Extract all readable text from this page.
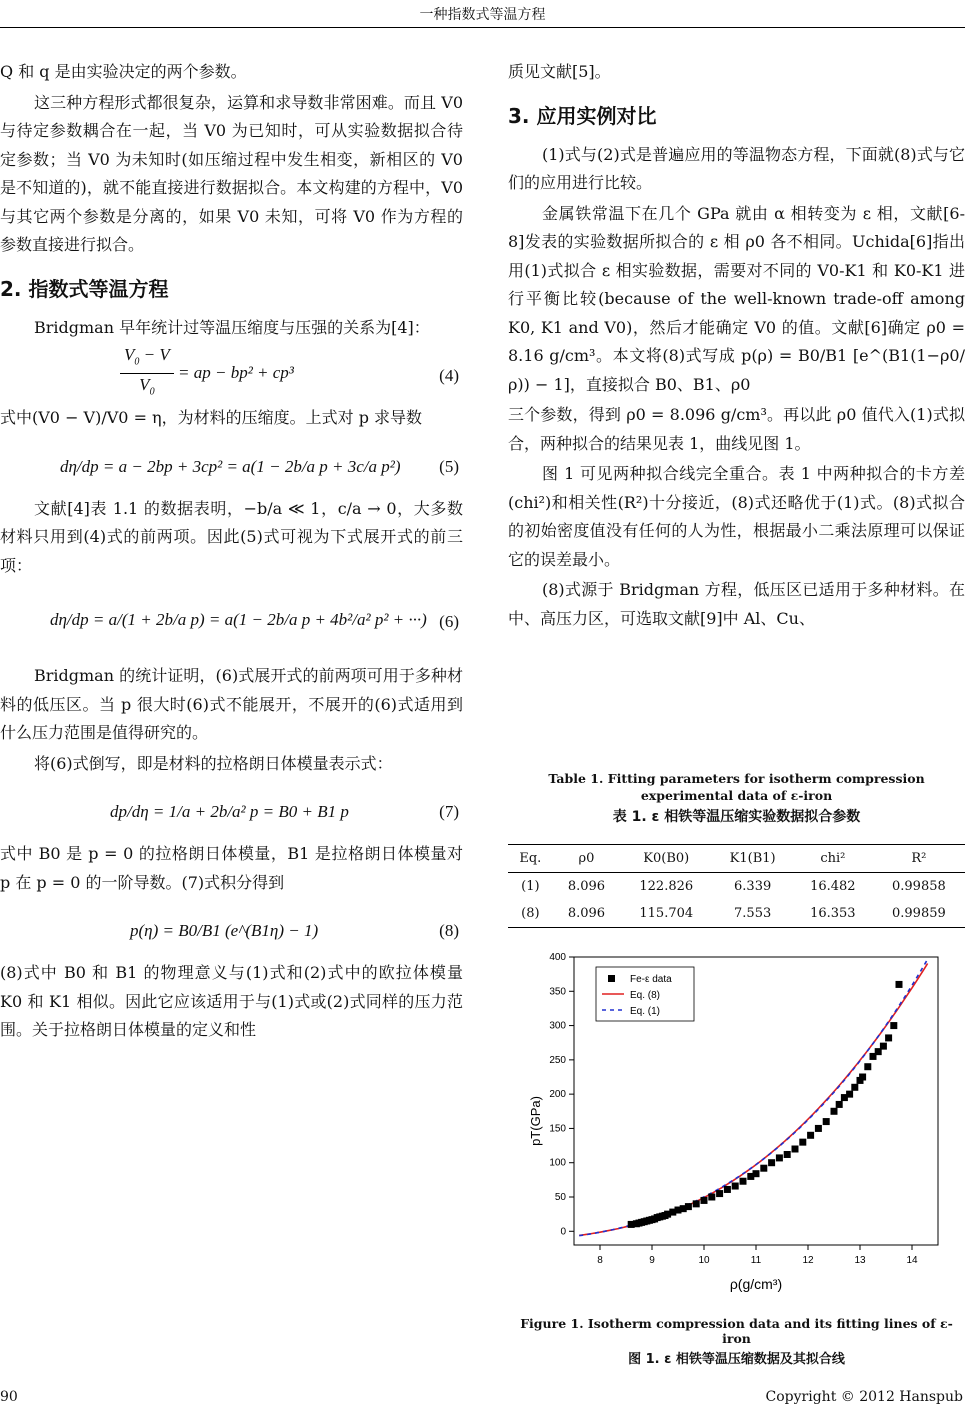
一种指数式等温方程

Q 和 q 是由实验决定的两个参数。

这三种方程形式都很复杂，运算和求导数非常困难。而且 V0 与待定参数耦合在一起，当 V0 为已知时，可从实验数据拟合待定参数；当 V0 为未知时(如压缩过程中发生相变，新相区的 V0 是不知道的)，就不能直接进行数据拟合。本文构建的方程中，V0 与其它两个参数是分离的，如果 V0 未知，可将 V0 作为方程的参数直接进行拟合。

2. 指数式等温方程

Bridgman 早年统计过等温压缩度与压强的关系为[4]：

$\frac{V_0 - V}{V_0}$ = ap − bp² + cp³	(4)

式中(V0 − V)/V0 = η，为材料的压缩度。上式对 p 求导数

dη/dp = a − 2bp + 3cp² = a(1 − 2b/a p + 3c/a p²) (5)

文献[4]表 1.1 的数据表明，−b/a ≪ 1，c/a → 0，大多数材料只用到(4)式的前两项。因此(5)式可视为下式展开式的前三项：

dη/dp = a/(1 + 2b/a p) = a(1 − 2b/a p + 4b²/a² p² + ···) (6)

Bridgman 的统计证明，(6)式展开式的前两项可用于多种材料的低压区。当 p 很大时(6)式不能展开，不展开的(6)式适用到什么压力范围是值得研究的。

将(6)式倒写，即是材料的拉格朗日体模量表示式：

dp/dη = 1/a + 2b/a² p = B0 + B1 p	(7)

式中 B0 是 p = 0 的拉格朗日体模量，B1 是拉格朗日体模量对 p 在 p = 0 的一阶导数。(7)式积分得到

p(η) = B0/B1 (e^(B1η) − 1)	(8)

(8)式中 B0 和 B1 的物理意义与(1)式和(2)式中的欧拉体模量 K0 和 K1 相似。因此它应该适用于与(1)式或(2)式同样的压力范围。关于拉格朗日体模量的定义和性

质见文献[5]。

3. 应用实例对比

(1)式与(2)式是普遍应用的等温物态方程，下面就(8)式与它们的应用进行比较。

金属铁常温下在几个 GPa 就由 α 相转变为 ε 相，文献[6-8]发表的实验数据所拟合的 ε 相 ρ0 各不相同。Uchida[6]指出用(1)式拟合 ε 相实验数据，需要对不同的 V0-K1 和 K0-K1 进行平衡比较(because of the well-known trade-off among K0, K1 and V0)，然后才能确定 V0 的值。文献[6]确定 ρ0 = 8.16 g/cm³。本文将(8)式写成 p(ρ) = B0/B1 [e^(B1(1−ρ0/ρ)) − 1]，直接拟合 B0、B1、ρ0

三个参数，得到 ρ0 = 8.096 g/cm³。再以此 ρ0 值代入(1)式拟合，两种拟合的结果见表 1，曲线见图 1。

图 1 可见两种拟合线完全重合。表 1 中两种拟合的卡方差(chi²)和相关性(R²)十分接近，(8)式还略优于(1)式。(8)式拟合的初始密度值没有任何的人为性，根据最小二乘法原理可以保证它的误差最小。

(8)式源于 Bridgman 方程，低压区已适用于多种材料。在中、高压力区，可选取文献[9]中 Al、Cu、

Table 1. Fitting parameters for isotherm compression experimental data of ε-iron
表 1. ε 相铁等温压缩实验数据拟合参数
Eq.	ρ0	K0(B0)	K1(B1)	chi²	R²
(1)	8.096	122.826	6.339	16.482	0.99858
(8)	8.096	115.704	7.553	16.353	0.99859
8	9	10	11	12	13	14
0
50
100
150
200
250
300
350
400
ρ(g/cm³)
pT(GPa)
Fe-ε data
Eq. (8)
Eq. (1)
Figure 1. Isotherm compression data and its fitting lines of ε-iron
图 1. ε 相铁等温压缩数据及其拟合线
90	Copyright © 2012 Hanspub
